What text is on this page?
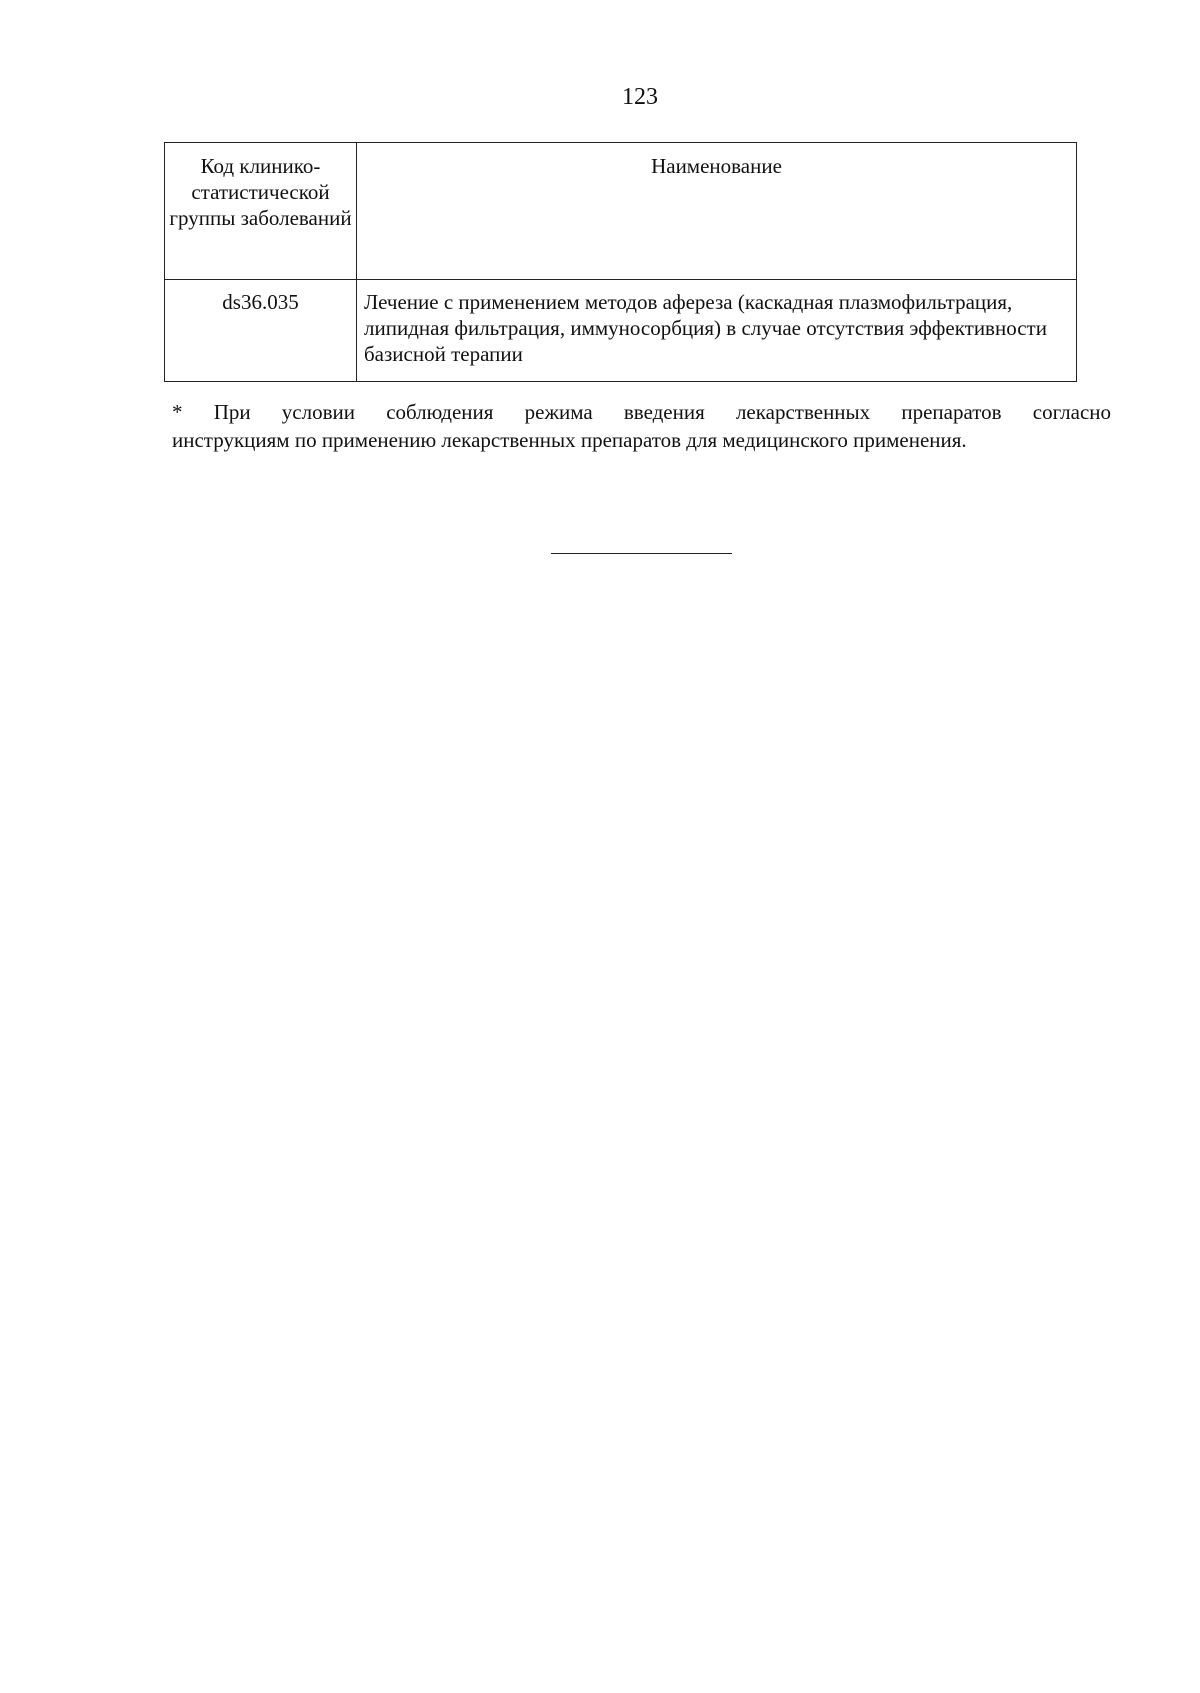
123
Код клинико-статистической группы заболеваний	Наименование
ds36.035	Лечение с применением методов афереза (каскадная плазмофильтрация, липидная фильтрация, иммуносорбция) в случае отсутствия эффективности базисной терапии
* При условии соблюдения режима введения лекарственных препаратов согласно
инструкциям по применению лекарственных препаратов для медицинского применения.
